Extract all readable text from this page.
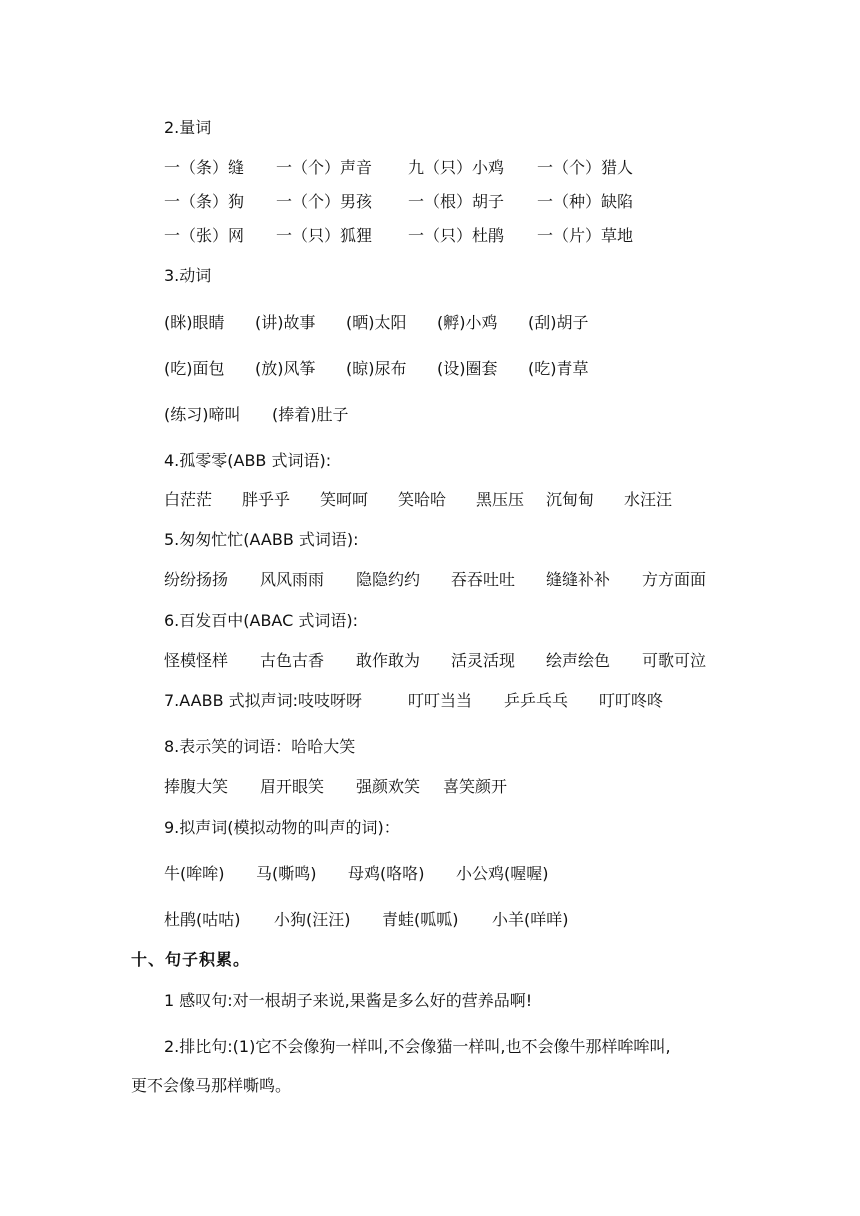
2.量词

一（条）缝

一（个）声音

九（只）小鸡

一（个）猎人

一（条）狗

一（个）男孩

一（根）胡子

一（种）缺陷

一（张）网

一（只）狐狸

一（只）杜鹃

一（片）草地

3.动词

(眯)眼睛

(讲)故事

(晒)太阳

(孵)小鸡

(刮)胡子

(吃)面包

(放)风筝

(晾)尿布

(设)圈套

(吃)青草

(练习)啼叫

(捧着)肚子

4.孤零零(ABB 式词语):

白茫茫

胖乎乎

笑呵呵

笑哈哈

黑压压

沉甸甸

水汪汪

5.匆匆忙忙(AABB 式词语):

纷纷扬扬

风风雨雨

隐隐约约

吞吞吐吐

缝缝补补

方方面面

6.百发百中(ABAC 式词语):

怪模怪样

古色古香

敢作敢为

活灵活现

绘声绘色

可歌可泣

7.AABB 式拟声词:吱吱呀呀

	叮叮当当

乒乒乓乓

叮叮咚咚

8.表示笑的词语：哈哈大笑

捧腹大笑

眉开眼笑

强颜欢笑

喜笑颜开

9.拟声词(模拟动物的叫声的词)：

牛(哞哞)

马(嘶鸣)

母鸡(咯咯)

小公鸡(喔喔)

杜鹃(咕咕)

小狗(汪汪)

青蛙(呱呱)

小羊(咩咩)

十、句子积累。
1 感叹句:对一根胡子来说,果酱是多么好的营养品啊!
2.排比句:(1)它不会像狗一样叫,不会像猫一样叫,也不会像牛那样哞哞叫,
更不会像马那样嘶鸣。
